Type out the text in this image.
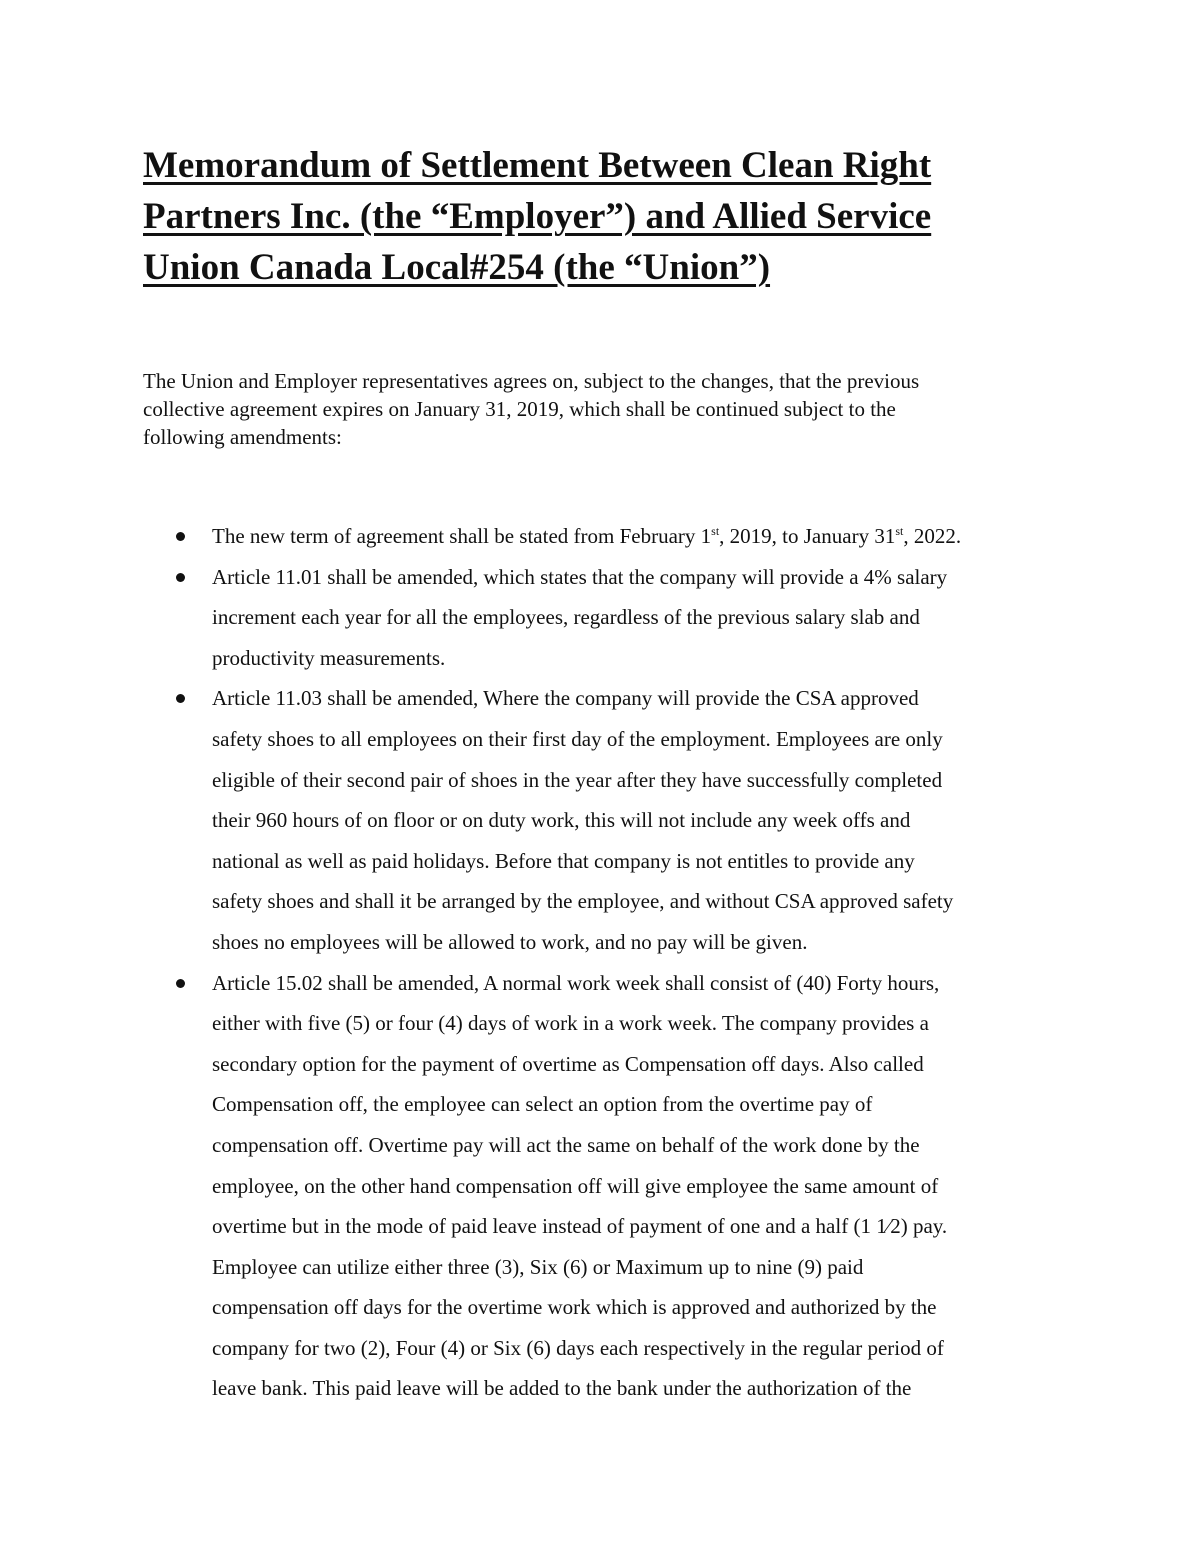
Memorandum of Settlement Between Clean Right
Partners Inc. (the “Employer”) and Allied Service
Union Canada Local#254 (the “Union”)

The Union and Employer representatives agrees on, subject to the changes, that the previous
collective agreement expires on January 31, 2019, which shall be continued subject to the
following amendments:

The new term of agreement shall be stated from February 1st, 2019, to January 31st, 2022.
Article 11.01 shall be amended, which states that the company will provide a 4% salary
increment each year for all the employees, regardless of the previous salary slab and
productivity measurements.
Article 11.03 shall be amended, Where the company will provide the CSA approved
safety shoes to all employees on their first day of the employment. Employees are only
eligible of their second pair of shoes in the year after they have successfully completed
their 960 hours of on floor or on duty work, this will not include any week offs and
national as well as paid holidays. Before that company is not entitles to provide any
safety shoes and shall it be arranged by the employee, and without CSA approved safety
shoes no employees will be allowed to work, and no pay will be given.
Article 15.02 shall be amended, A normal work week shall consist of (40) Forty hours,
either with five (5) or four (4) days of work in a work week. The company provides a
secondary option for the payment of overtime as Compensation off days. Also called
Compensation off, the employee can select an option from the overtime pay of
compensation off. Overtime pay will act the same on behalf of the work done by the
employee, on the other hand compensation off will give employee the same amount of
overtime but in the mode of paid leave instead of payment of one and a half (1 1⁄2) pay.
Employee can utilize either three (3), Six (6) or Maximum up to nine (9) paid
compensation off days for the overtime work which is approved and authorized by the
company for two (2), Four (4) or Six (6) days each respectively in the regular period of
leave bank. This paid leave will be added to the bank under the authorization of the
